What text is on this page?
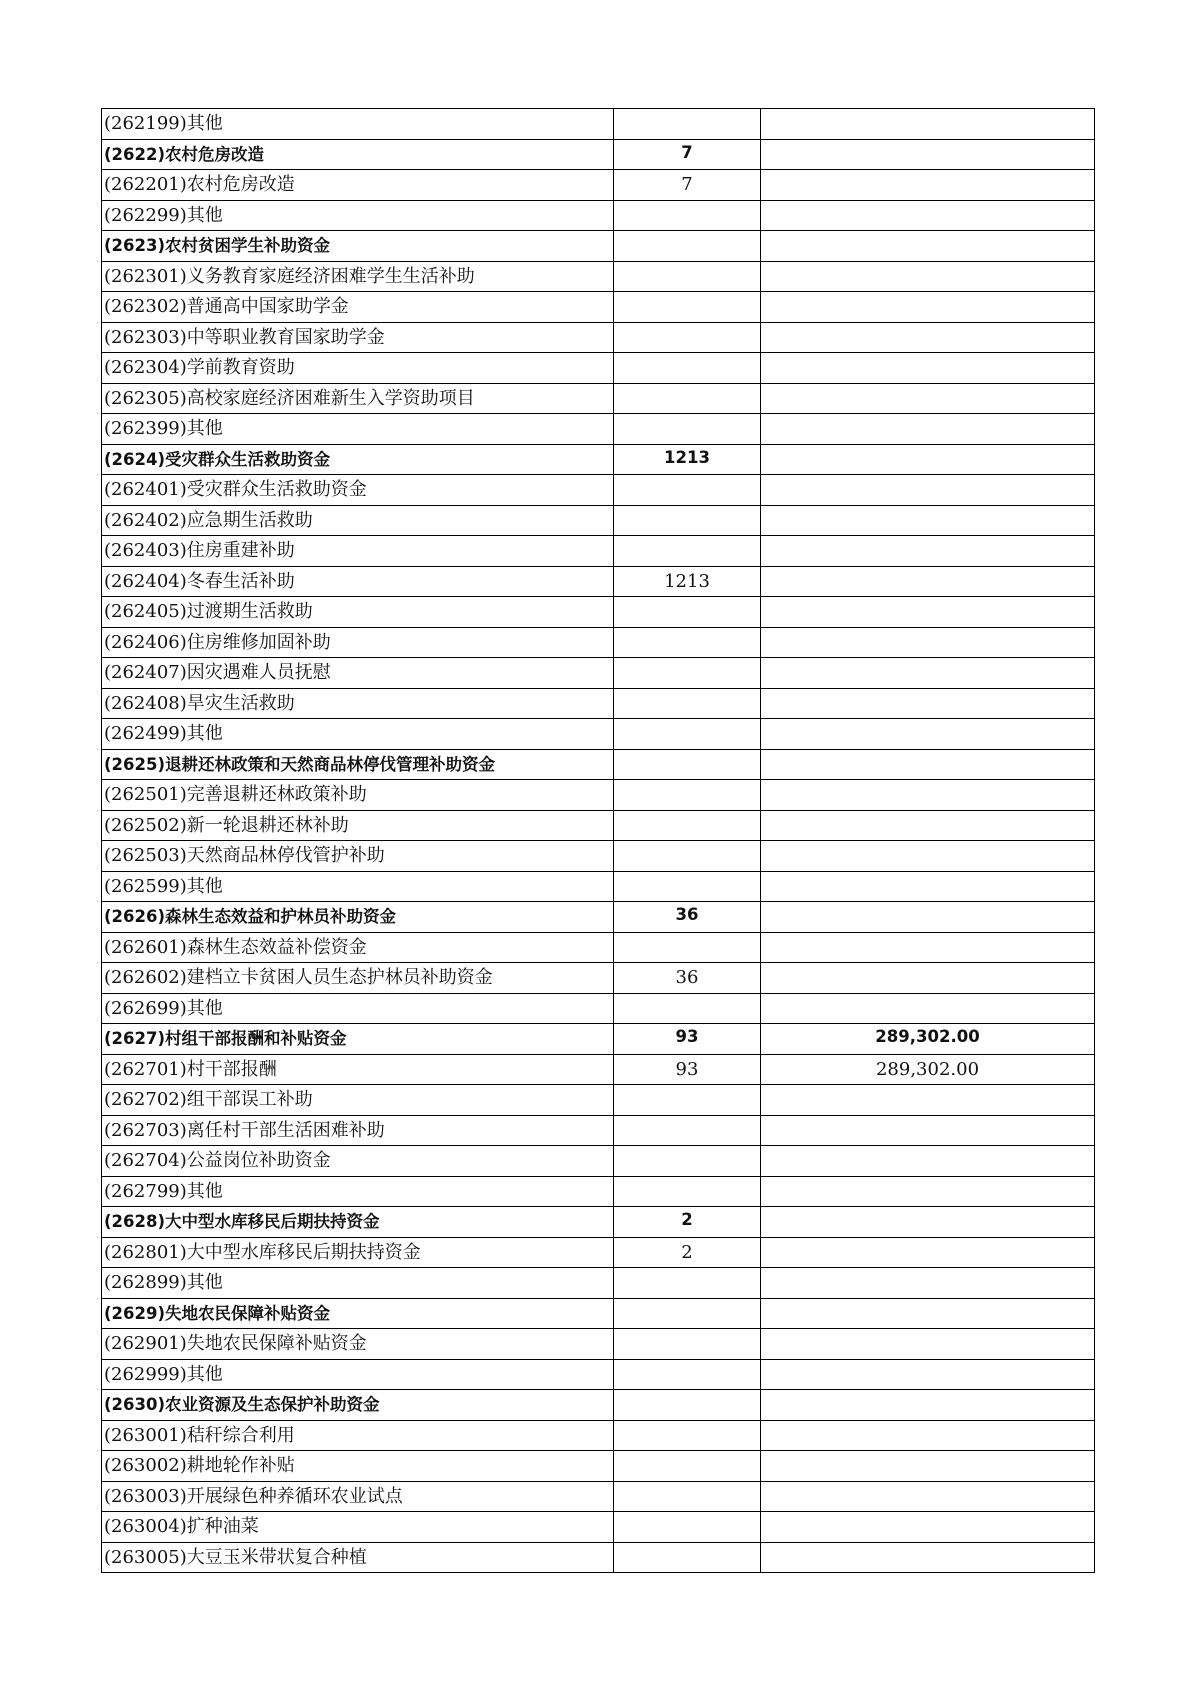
(262199)其他		
(2622)农村危房改造	7	
(262201)农村危房改造	7	
(262299)其他		
(2623)农村贫困学生补助资金		
(262301)义务教育家庭经济困难学生生活补助		
(262302)普通高中国家助学金		
(262303)中等职业教育国家助学金		
(262304)学前教育资助		
(262305)高校家庭经济困难新生入学资助项目		
(262399)其他		
(2624)受灾群众生活救助资金	1213	
(262401)受灾群众生活救助资金		
(262402)应急期生活救助		
(262403)住房重建补助		
(262404)冬春生活补助	1213	
(262405)过渡期生活救助		
(262406)住房维修加固补助		
(262407)因灾遇难人员抚慰		
(262408)旱灾生活救助		
(262499)其他		
(2625)退耕还林政策和天然商品林停伐管理补助资金		
(262501)完善退耕还林政策补助		
(262502)新一轮退耕还林补助		
(262503)天然商品林停伐管护补助		
(262599)其他		
(2626)森林生态效益和护林员补助资金	36	
(262601)森林生态效益补偿资金		
(262602)建档立卡贫困人员生态护林员补助资金	36	
(262699)其他		
(2627)村组干部报酬和补贴资金	93	289,302.00
(262701)村干部报酬	93	289,302.00
(262702)组干部误工补助		
(262703)离任村干部生活困难补助		
(262704)公益岗位补助资金		
(262799)其他		
(2628)大中型水库移民后期扶持资金	2	
(262801)大中型水库移民后期扶持资金	2	
(262899)其他		
(2629)失地农民保障补贴资金		
(262901)失地农民保障补贴资金		
(262999)其他		
(2630)农业资源及生态保护补助资金		
(263001)秸秆综合利用		
(263002)耕地轮作补贴		
(263003)开展绿色种养循环农业试点		
(263004)扩种油菜		
(263005)大豆玉米带状复合种植		
